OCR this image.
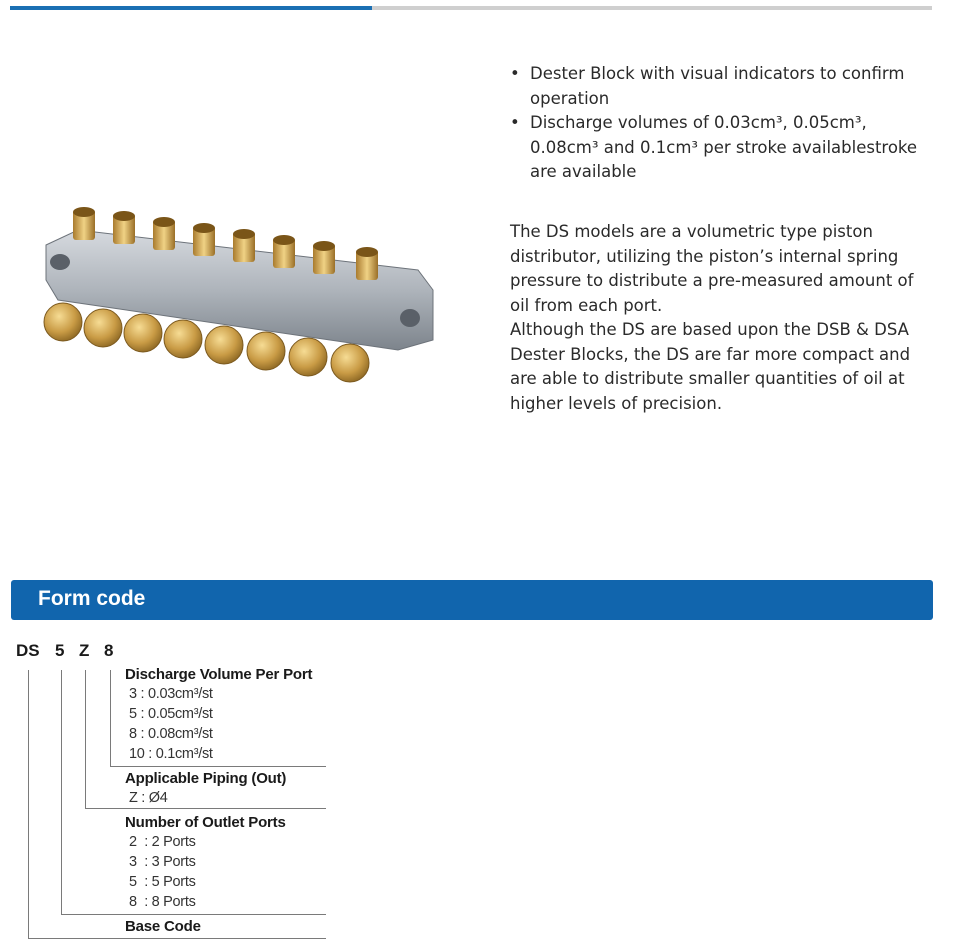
• Dester Block with visual indicators to confirm operation
• Discharge volumes of 0.03cm³, 0.05cm³, 0.08cm³ and 0.1cm³ per stroke availablestroke are available

The DS models are a volumetric type piston distributor, utilizing the piston’s internal spring pressure to distribute a pre-measured amount of oil from each port.

Although the DS are based upon the DSB & DSA Dester Blocks, the DS are far more compact and are able to distribute smaller quantities of oil at higher levels of precision.

Form code
DS 5 Z 8
Discharge Volume Per Port
3 : 0.03cm³/st
5 : 0.05cm³/st
8 : 0.08cm³/st
10 : 0.1cm³/st
Applicable Piping (Out)
Z : Ø4
Number of Outlet Ports
2  : 2 Ports
3  : 3 Ports
5  : 5 Ports
8  : 8 Ports
Base Code
